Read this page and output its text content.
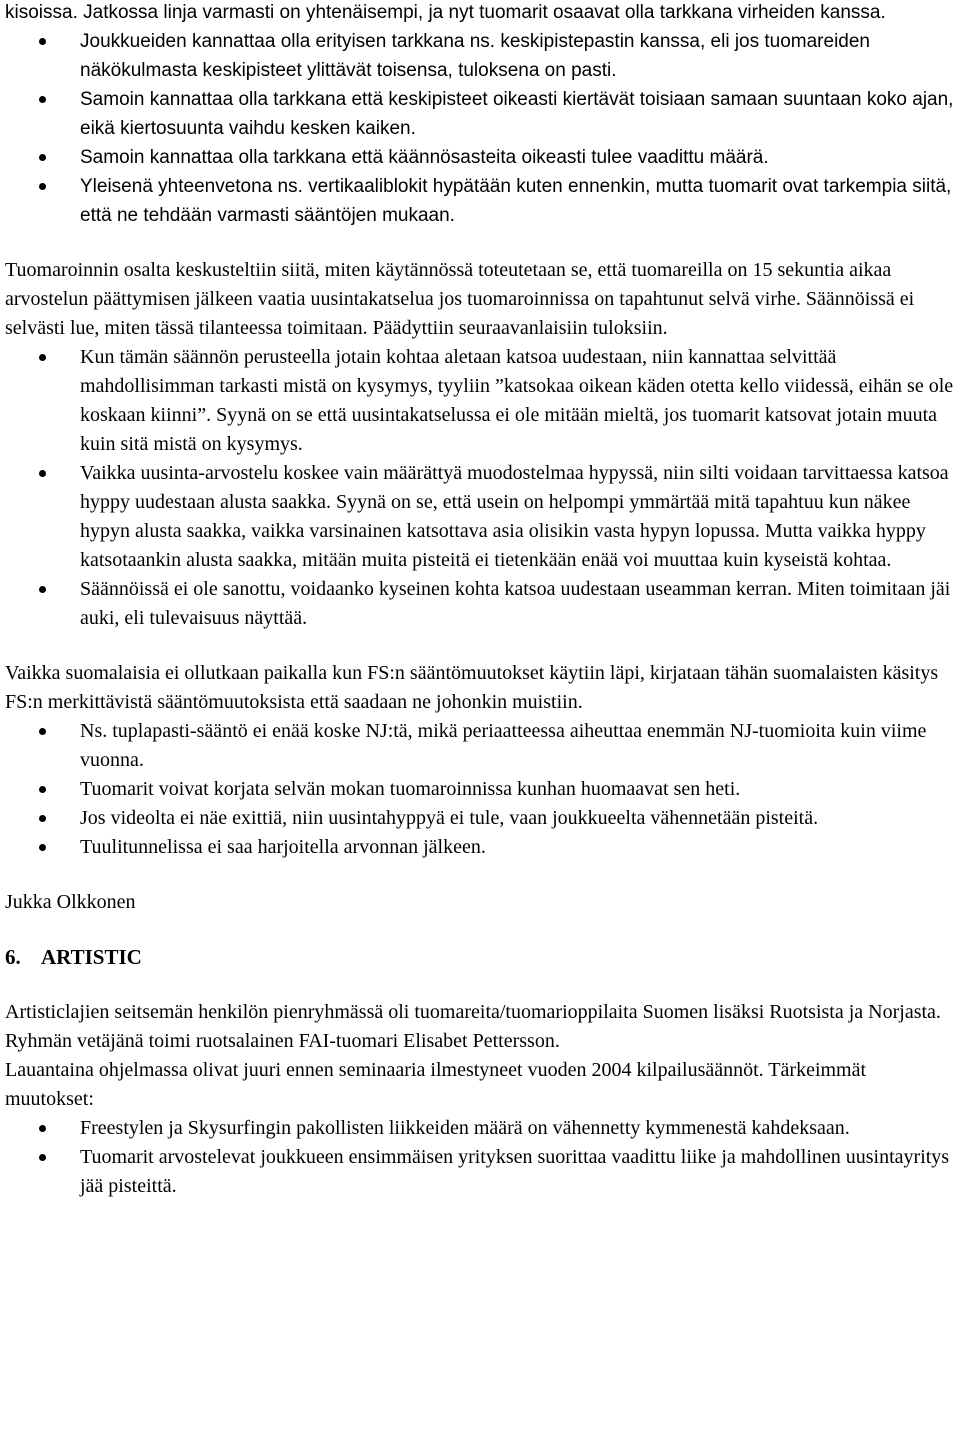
kisoissa. Jatkossa linja varmasti on yhtenäisempi, ja nyt tuomarit osaavat olla tarkkana virheiden kanssa.

Joukkueiden kannattaa olla erityisen tarkkana ns. keskipistepastin kanssa, eli jos tuomareiden näkökulmasta keskipisteet ylittävät toisensa, tuloksena on pasti.
Samoin kannattaa olla tarkkana että keskipisteet oikeasti kiertävät toisiaan samaan suuntaan koko ajan, eikä kiertosuunta vaihdu kesken kaiken.
Samoin kannattaa olla tarkkana että käännösasteita oikeasti tulee vaadittu määrä.
Yleisenä yhteenvetona ns. vertikaaliblokit hypätään kuten ennenkin, mutta tuomarit ovat tarkempia siitä, että ne tehdään varmasti sääntöjen mukaan.

Tuomaroinnin osalta keskusteltiin siitä, miten käytännössä toteutetaan se, että tuomareilla on 15 sekuntia aikaa arvostelun päättymisen jälkeen vaatia uusintakatselua jos tuomaroinnissa on tapahtunut selvä virhe. Säännöissä ei selvästi lue, miten tässä tilanteessa toimitaan. Päädyttiin seuraavanlaisiin tuloksiin.

Kun tämän säännön perusteella jotain kohtaa aletaan katsoa uudestaan, niin kannattaa selvittää mahdollisimman tarkasti mistä on kysymys, tyyliin ”katsokaa oikean käden otetta kello viidessä, eihän se ole koskaan kiinni”. Syynä on se että uusintakatselussa ei ole mitään mieltä, jos tuomarit katsovat jotain muuta kuin sitä mistä on kysymys.
Vaikka uusinta-arvostelu koskee vain määrättyä muodostelmaa hypyssä, niin silti voidaan tarvittaessa katsoa hyppy uudestaan alusta saakka. Syynä on se, että usein on helpompi ymmärtää mitä tapahtuu kun näkee hypyn alusta saakka, vaikka varsinainen katsottava asia olisikin vasta hypyn lopussa. Mutta vaikka hyppy katsotaankin alusta saakka, mitään muita pisteitä ei tietenkään enää voi muuttaa kuin kyseistä kohtaa.
Säännöissä ei ole sanottu, voidaanko kyseinen kohta katsoa uudestaan useamman kerran. Miten toimitaan jäi auki, eli tulevaisuus näyttää.

Vaikka suomalaisia ei ollutkaan paikalla kun FS:n sääntömuutokset käytiin läpi, kirjataan tähän suomalaisten käsitys FS:n merkittävistä sääntömuutoksista että saadaan ne johonkin muistiin.

Ns. tuplapasti-sääntö ei enää koske NJ:tä, mikä periaatteessa aiheuttaa enemmän NJ-tuomioita kuin viime vuonna.
Tuomarit voivat korjata selvän mokan tuomaroinnissa kunhan huomaavat sen heti.
Jos videolta ei näe exittiä, niin uusintahyppyä ei tule, vaan joukkueelta vähennetään pisteitä.
Tuulitunnelissa ei saa harjoitella arvonnan jälkeen.

Jukka Olkkonen

6. ARTISTIC

Artisticlajien seitsemän henkilön pienryhmässä oli tuomareita/tuomarioppilaita Suomen lisäksi Ruotsista ja Norjasta. Ryhmän vetäjänä toimi ruotsalainen FAI-tuomari Elisabet Pettersson.

Lauantaina ohjelmassa olivat juuri ennen seminaaria ilmestyneet vuoden 2004 kilpailusäännöt. Tärkeimmät muutokset:

Freestylen ja Skysurfingin pakollisten liikkeiden määrä on vähennetty kymmenestä kahdeksaan.
Tuomarit arvostelevat joukkueen ensimmäisen yrityksen suorittaa vaadittu liike ja mahdollinen uusintayritys jää pisteittä.
